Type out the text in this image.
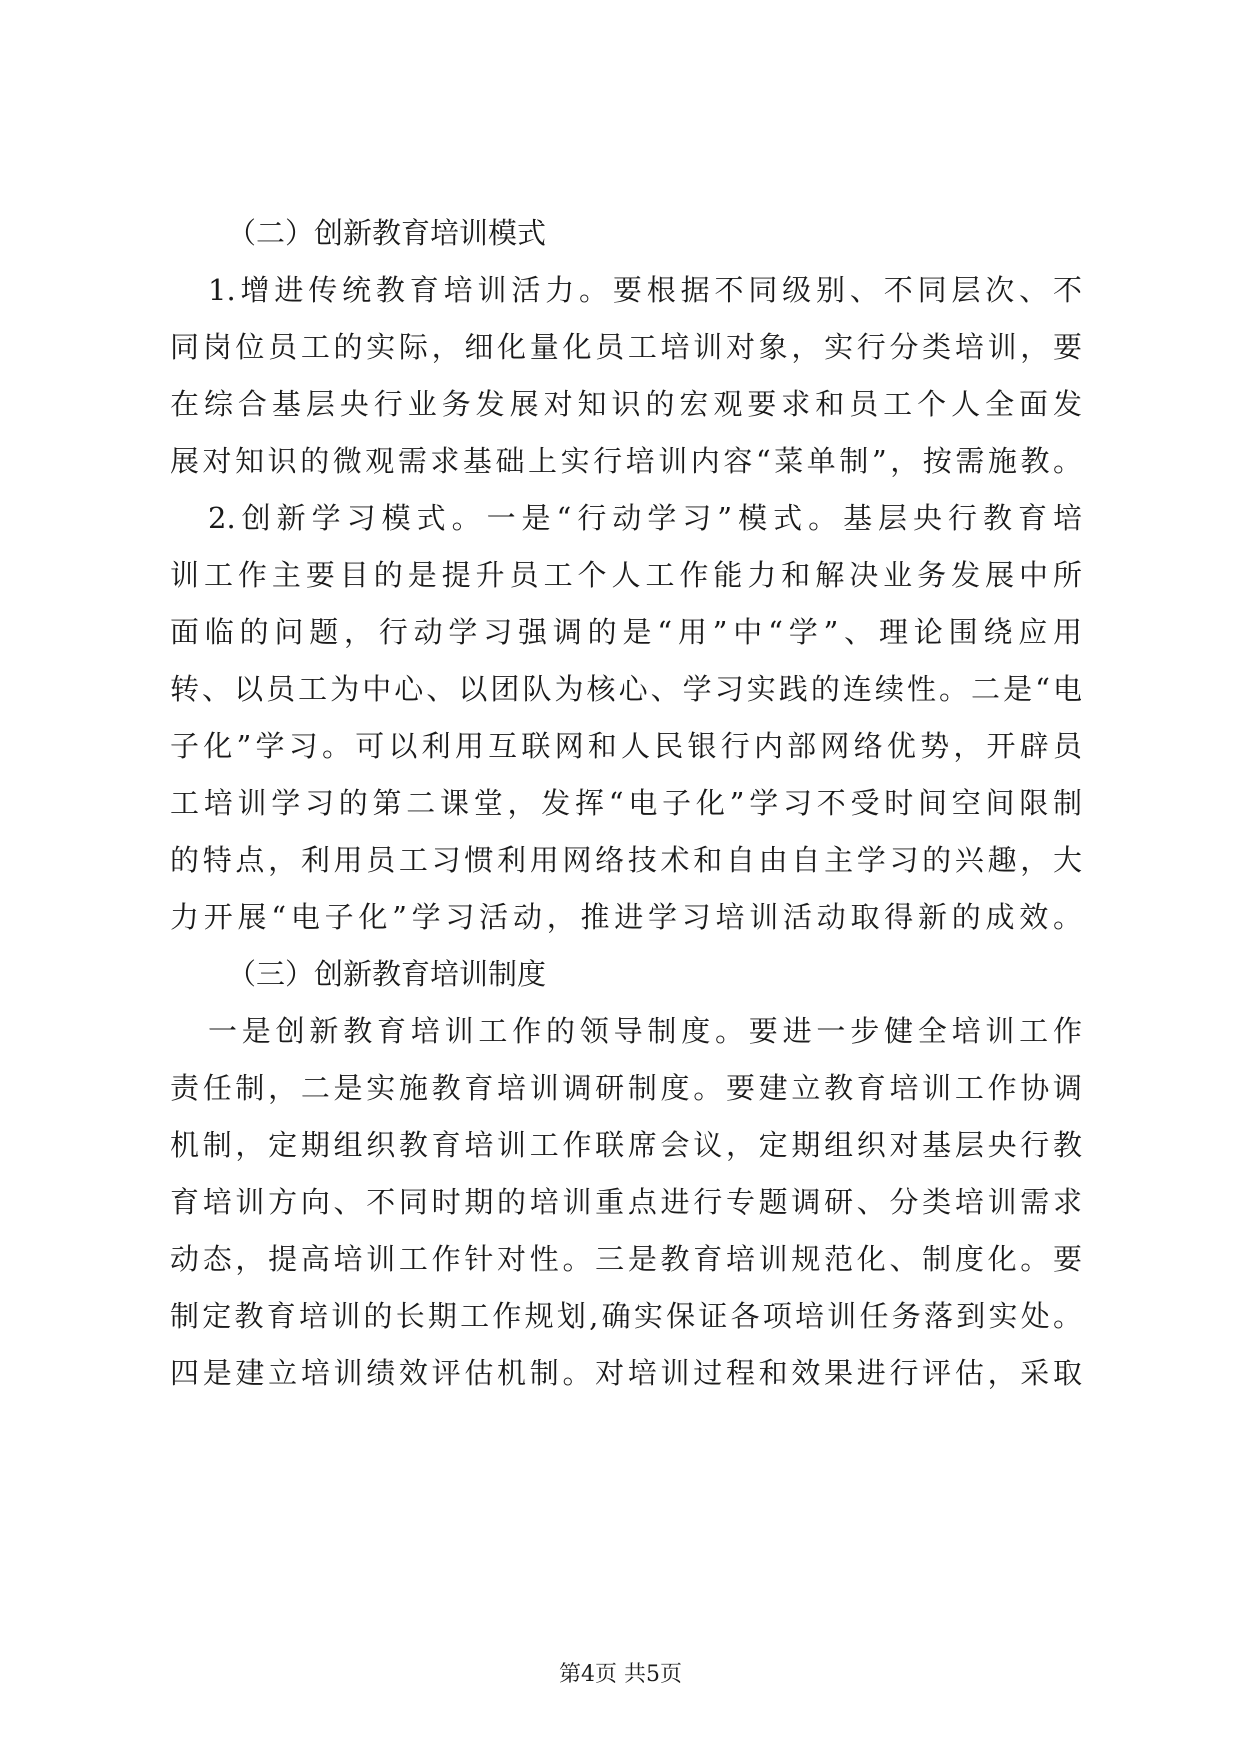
（二）创新教育培训模式
1.增进传统教育培训活力。要根据不同级别、不同层次、不
同岗位员工的实际，细化量化员工培训对象，实行分类培训，要
在综合基层央行业务发展对知识的宏观要求和员工个人全面发
展对知识的微观需求基础上实行培训内容“菜单制”，按需施教。
2.创新学习模式。一是“行动学习”模式。基层央行教育培
训工作主要目的是提升员工个人工作能力和解决业务发展中所
面临的问题，行动学习强调的是“用”中“学”、理论围绕应用
转、以员工为中心、以团队为核心、学习实践的连续性。二是“电
子化”学习。可以利用互联网和人民银行内部网络优势，开辟员
工培训学习的第二课堂，发挥“电子化”学习不受时间空间限制
的特点，利用员工习惯利用网络技术和自由自主学习的兴趣，大
力开展“电子化”学习活动，推进学习培训活动取得新的成效。
（三）创新教育培训制度
一是创新教育培训工作的领导制度。要进一步健全培训工作
责任制，二是实施教育培训调研制度。要建立教育培训工作协调
机制，定期组织教育培训工作联席会议，定期组织对基层央行教
育培训方向、不同时期的培训重点进行专题调研、分类培训需求
动态，提高培训工作针对性。三是教育培训规范化、制度化。要
制定教育培训的长期工作规划,确实保证各项培训任务落到实处。
四是建立培训绩效评估机制。对培训过程和效果进行评估，采取
第4页 共5页
